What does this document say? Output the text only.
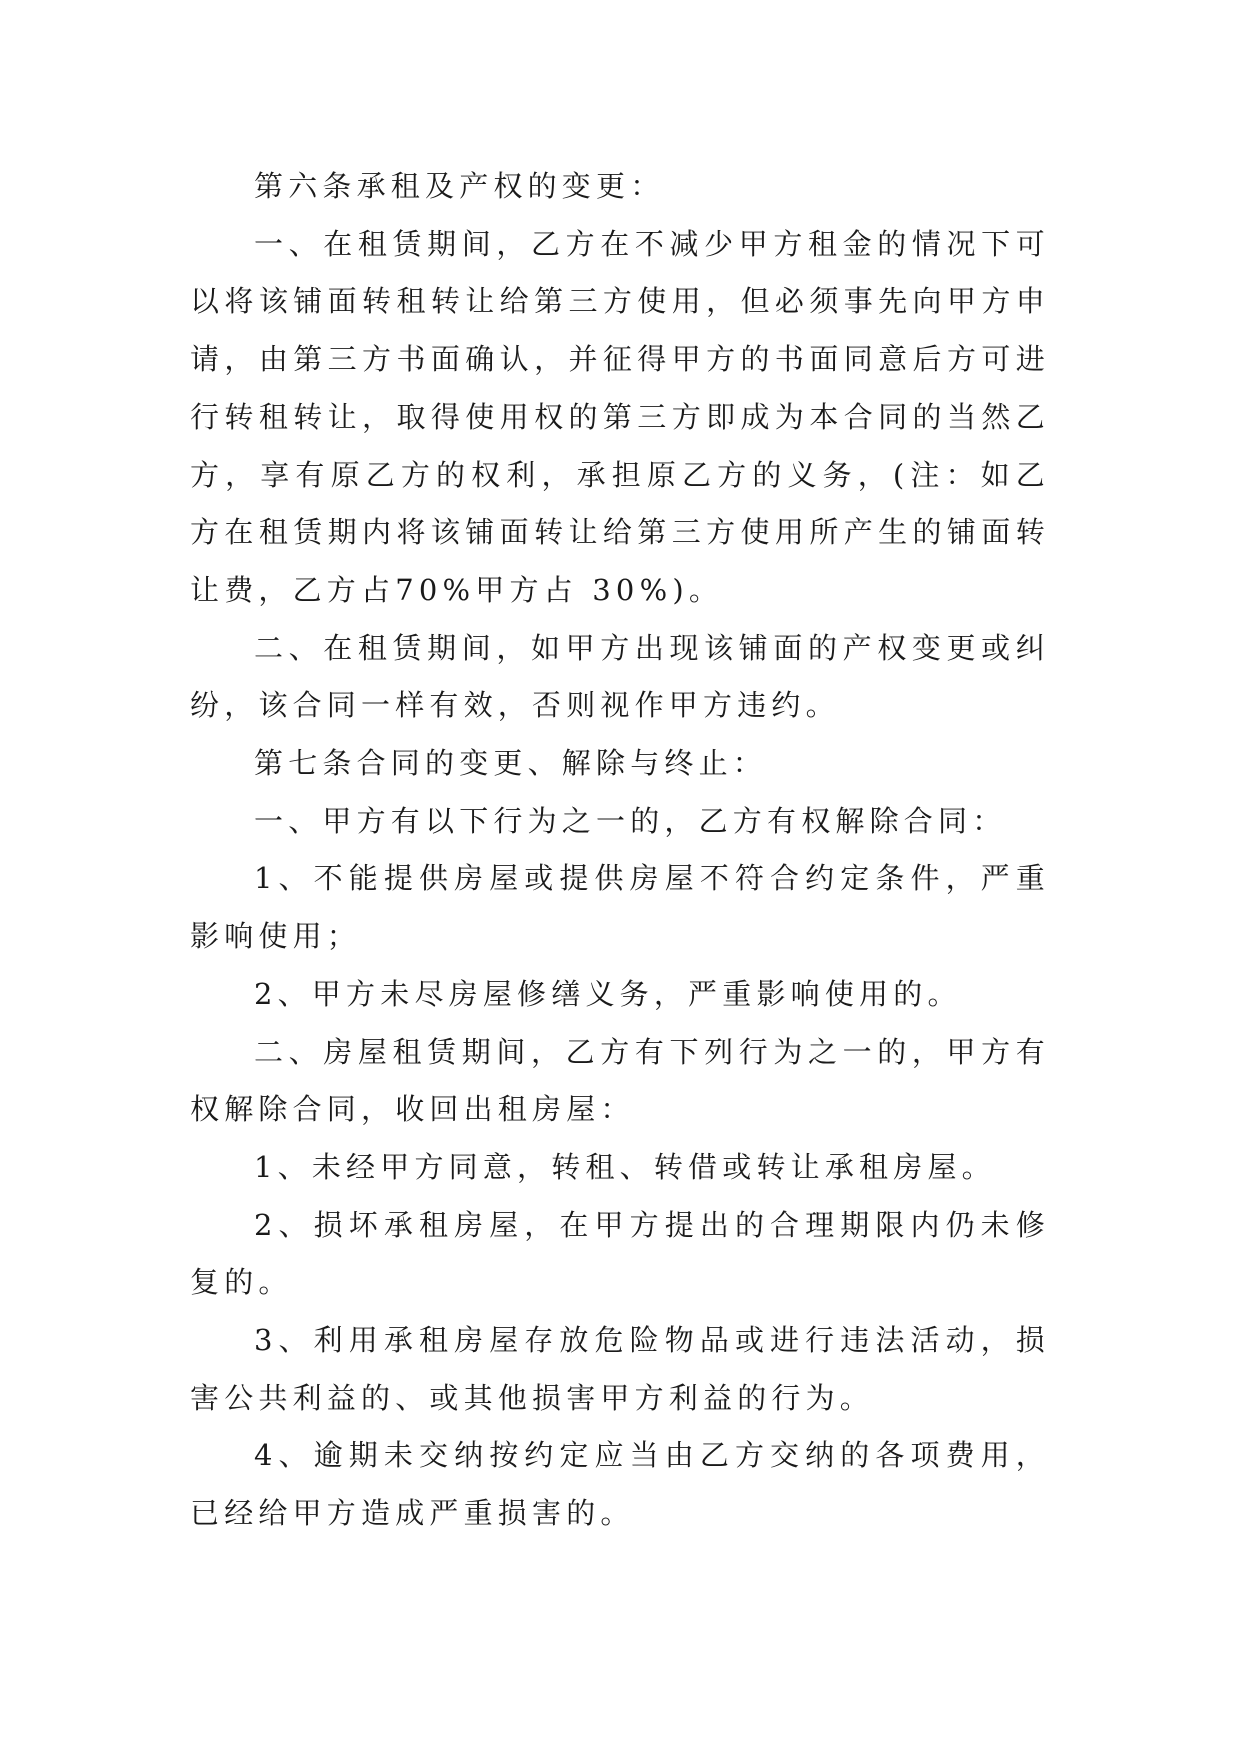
第六条承租及产权的变更：

一、在租赁期间，乙方在不减少甲方租金的情况下可以将该铺面转租转让给第三方使用，但必须事先向甲方申请，由第三方书面确认，并征得甲方的书面同意后方可进行转租转让，取得使用权的第三方即成为本合同的当然乙方，享有原乙方的权利，承担原乙方的义务，(注：如乙方在租赁期内将该铺面转让给第三方使用所产生的铺面转让费，乙方占70%甲方占 30%)。

二、在租赁期间，如甲方出现该铺面的产权变更或纠纷，该合同一样有效，否则视作甲方违约。

第七条合同的变更、解除与终止：

一、甲方有以下行为之一的，乙方有权解除合同：

1、不能提供房屋或提供房屋不符合约定条件，严重影响使用；

2、甲方未尽房屋修缮义务，严重影响使用的。

二、房屋租赁期间，乙方有下列行为之一的，甲方有权解除合同，收回出租房屋：

1、未经甲方同意，转租、转借或转让承租房屋。

2、损坏承租房屋，在甲方提出的合理期限内仍未修复的。

3、利用承租房屋存放危险物品或进行违法活动，损害公共利益的、或其他损害甲方利益的行为。

4、逾期未交纳按约定应当由乙方交纳的各项费用，已经给甲方造成严重损害的。
